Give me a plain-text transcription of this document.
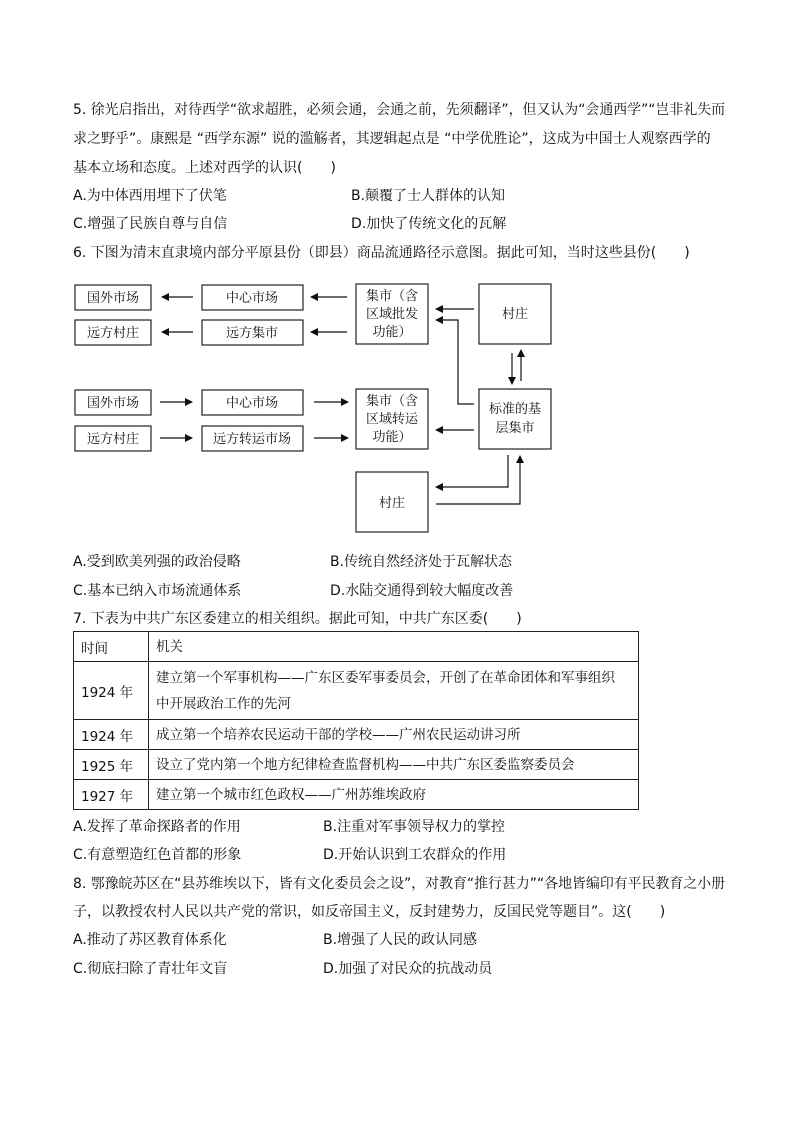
5. 徐光启指出，对待西学“欲求超胜，必须会通，会通之前，先须翻译”，但又认为“会通西学”“岂非礼失而
求之野乎”。康熙是 “西学东源” 说的滥觞者，其逻辑起点是 “中学优胜论”，这成为中国士人观察西学的
基本立场和态度。上述对西学的认识(　　)
A.为中体西用埋下了伏笔	B.颠覆了士人群体的认知
C.增强了民族自尊与自信	D.加快了传统文化的瓦解
6. 下图为清末直隶境内部分平原县份（即县）商品流通路径示意图。据此可知，当时这些县份(　　)
国外市场
远方村庄
中心市场
远方集市
集市（含
区域批发
功能）
村庄
国外市场
远方村庄
中心市场
远方转运市场
集市（含
区域转运
功能）
标准的基
层集市
村庄
A.受到欧美列强的政治侵略	B.传统自然经济处于瓦解状态
C.基本已纳入市场流通体系	D.水陆交通得到较大幅度改善
7. 下表为中共广东区委建立的相关组织。据此可知，中共广东区委(　　)
时间	机关
1924 年	建立第一个军事机构——广东区委军事委员会，开创了在革命团体和军事组织
中开展政治工作的先河

1924 年	成立第一个培养农民运动干部的学校——广州农民运动讲习所
1925 年	设立了党内第一个地方纪律检查监督机构——中共广东区委监察委员会
1927 年	建立第一个城市红色政权——广州苏维埃政府
A.发挥了革命探路者的作用	B.注重对军事领导权力的掌控
C.有意塑造红色首都的形象	D.开始认识到工农群众的作用
8. 鄂豫皖苏区在“县苏维埃以下，皆有文化委员会之设”，对教育“推行甚力”“各地皆编印有平民教育之小册
子，以教授农村人民以共产党的常识，如反帝国主义，反封建势力，反国民党等题目”。这(　　)
A.推动了苏区教育体系化	B.增强了人民的政认同感
C.彻底扫除了青壮年文盲	D.加强了对民众的抗战动员
